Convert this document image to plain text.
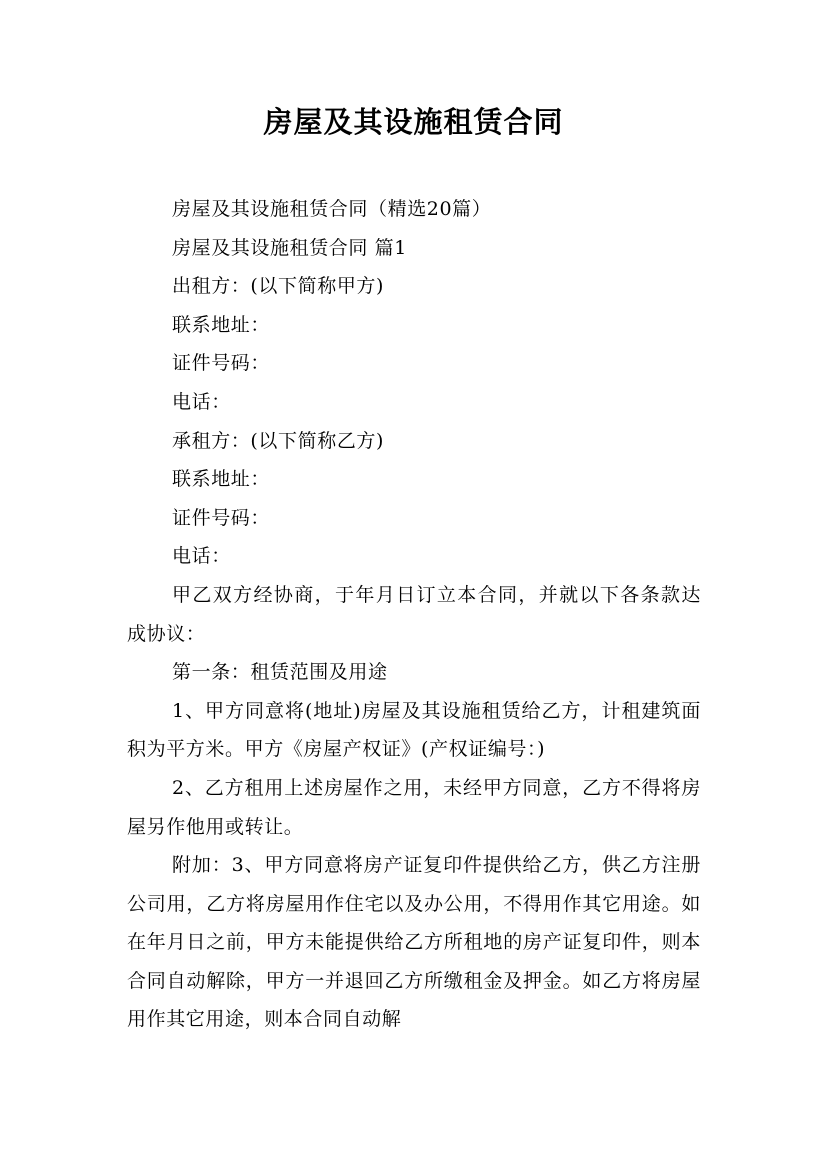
房屋及其设施租赁合同

房屋及其设施租赁合同（精选20篇）

房屋及其设施租赁合同 篇1

出租方：(以下简称甲方)

联系地址：

证件号码：

电话：

承租方：(以下简称乙方)

联系地址：

证件号码：

电话：

甲乙双方经协商，于年月日订立本合同，并就以下各条款达成协议：

第一条：租赁范围及用途

1、甲方同意将(地址)房屋及其设施租赁给乙方，计租建筑面积为平方米。甲方《房屋产权证》(产权证编号：)

2、乙方租用上述房屋作之用，未经甲方同意，乙方不得将房屋另作他用或转让。

附加：3、甲方同意将房产证复印件提供给乙方，供乙方注册公司用，乙方将房屋用作住宅以及办公用，不得用作其它用途。如在年月日之前，甲方未能提供给乙方所租地的房产证复印件，则本合同自动解除，甲方一并退回乙方所缴租金及押金。如乙方将房屋用作其它用途，则本合同自动解
